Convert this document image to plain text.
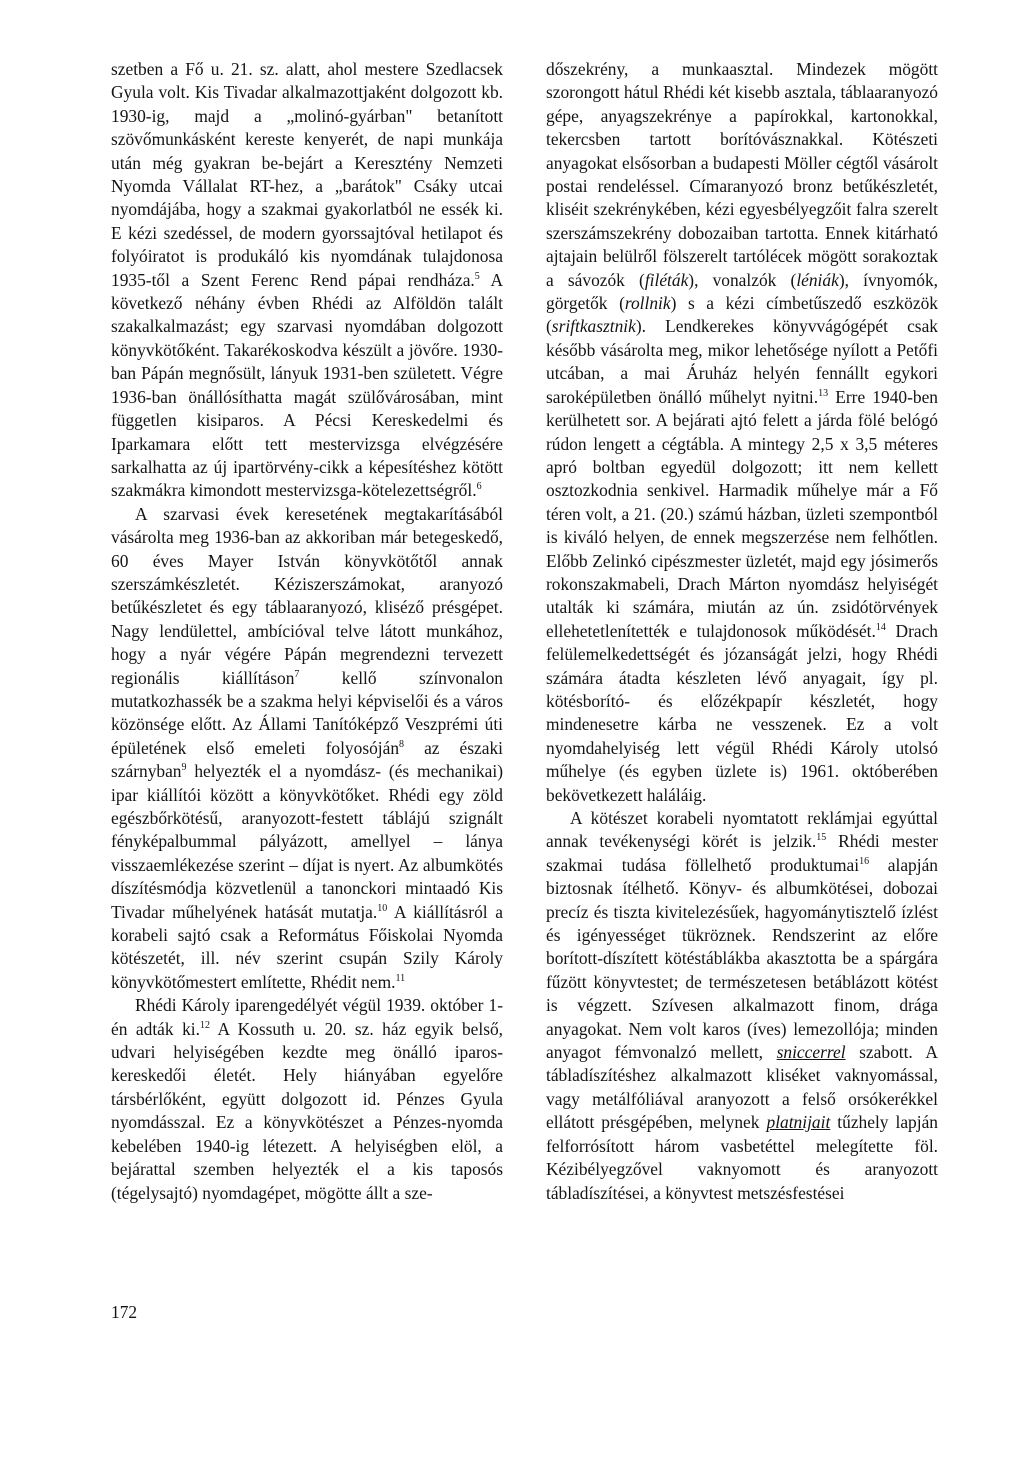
szetben a Fő u. 21. sz. alatt, ahol mestere Szedlacsek Gyula volt. Kis Tivadar alkalmazottjaként dolgozott kb. 1930-ig, majd a „molinó-gyárban" betanított szövőmunkásként kereste kenyerét, de napi munkája után még gyakran be-bejárt a Keresztény Nemzeti Nyomda Vállalat RT-hez, a „barátok" Csáky utcai nyomdájába, hogy a szakmai gyakorlatból ne essék ki. E kézi szedéssel, de modern gyorssajtóval hetilapot és folyóiratot is produkáló kis nyomdának tulajdonosa 1935-től a Szent Ferenc Rend pápai rendháza.$^5$ A következő néhány évben Rhédi az Alföldön talált szakalkalmazást; egy szarvasi nyomdában dolgozott könyvkötőként. Takarékoskodva készült a jövőre. 1930-ban Pápán megnősült, lányuk 1931-ben született. Végre 1936-ban önállósíthatta magát szülővárosában, mint független kisiparos. A Pécsi Kereskedelmi és Iparkamara előtt tett mestervizsga elvégzésére sarkalhatta az új ipartörvény-cikk a képesítéshez kötött szakmákra kimondott mestervizsga-kötelezettségről.$^6$

A szarvasi évek keresetének megtakarításából vásárolta meg 1936-ban az akkoriban már betegeskedő, 60 éves Mayer István könyvkötőtől annak szerszámkészletét. Kéziszerszámokat, aranyozó betűkészletet és egy táblaaranyozó, kliséző présgépet. Nagy lendülettel, ambícióval telve látott munkához, hogy a nyár végére Pápán megrendezni tervezett regionális kiállításon$^7$ kellő színvonalon mutatkozhassék be a szakma helyi képviselői és a város közönsége előtt. Az Állami Tanítóképző Veszprémi úti épületének első emeleti folyosóján$^8$ az északi szárnyban$^9$ helyezték el a nyomdász- (és mechanikai) ipar kiállítói között a könyvkötőket. Rhédi egy zöld egészbőrkötésű, aranyozott-festett táblájú szignált fényképalbummal pályázott, amellyel – lánya visszaemlékezése szerint – díjat is nyert. Az albumkötés díszítésmódja közvetlenül a tanonckori mintaadó Kis Tivadar műhelyének hatását mutatja.$^{10}$ A kiállításról a korabeli sajtó csak a Református Főiskolai Nyomda kötészetét, ill. név szerint csupán Szily Károly könyvkötőmestert említette, Rhédit nem.$^{11}$

Rhédi Károly iparengedélyét végül 1939. október 1-én adták ki.$^{12}$ A Kossuth u. 20. sz. ház egyik belső, udvari helyiségében kezdte meg önálló iparos-kereskedői életét. Hely hiányában egyelőre társbérlőként, együtt dolgozott id. Pénzes Gyula nyomdásszal. Ez a könyvkötészet a Pénzes-nyomda kebelében 1940-ig létezett. A helyiségben elöl, a bejárattal szemben helyezték el a kis taposós (tégelysajtó) nyomdagépet, mögötte állt a sze-

dőszekrény, a munkaasztal. Mindezek mögött szorongott hátul Rhédi két kisebb asztala, táblaaranyozó gépe, anyagszekrénye a papírokkal, kartonokkal, tekercsben tartott borítóvásznakkal. Kötészeti anyagokat elsősorban a budapesti Möller cégtől vásárolt postai rendeléssel. Címaranyozó bronz betűkészletét, kliséit szekrénykében, kézi egyesbélyegzőit falra szerelt szerszámszekrény dobozaiban tartotta. Ennek kitárható ajtajain belülről fölszerelt tartólécek mögött sorakoztak a sávozók (filéták), vonalzók (léniák), ívnyomók, görgetők (rollnik) s a kézi címbetűszedő eszközök (sriftkasztnik). Lendkerekes könyvvágógépét csak később vásárolta meg, mikor lehetősége nyílott a Petőfi utcában, a mai Áruház helyén fennállt egykori saroképületben önálló műhelyt nyitni.$^{13}$ Erre 1940-ben kerülhetett sor. A bejárati ajtó felett a járda fölé belógó rúdon lengett a cégtábla. A mintegy 2,5 x 3,5 méteres apró boltban egyedül dolgozott; itt nem kellett osztozkodnia senkivel. Harmadik műhelye már a Fő téren volt, a 21. (20.) számú házban, üzleti szempontból is kiváló helyen, de ennek megszerzése nem felhőtlen. Előbb Zelinkó cipészmester üzletét, majd egy jósimerős rokonszakmabeli, Drach Márton nyomdász helyiségét utalták ki számára, miután az ún. zsidótörvények ellehetetlenítették e tulajdonosok működését.$^{14}$ Drach felülemelkedettségét és józanságát jelzi, hogy Rhédi számára átadta készleten lévő anyagait, így pl. kötésborító- és előzékpapír készletét, hogy mindenesetre kárba ne vesszenek. Ez a volt nyomdahelyiség lett végül Rhédi Károly utolsó műhelye (és egyben üzlete is) 1961. októberében bekövetkezett haláláig.

A kötészet korabeli nyomtatott reklámjai egyúttal annak tevékenységi körét is jelzik.$^{15}$ Rhédi mester szakmai tudása föllelhető produktumai$^{16}$ alapján biztosnak ítélhető. Könyv- és albumkötései, dobozai precíz és tiszta kivitelezésűek, hagyománytisztelő ízlést és igényességet tükröznek. Rendszerint az előre borított-díszített kötéstáblákba akasztotta be a spárgára fűzött könyvtestet; de természetesen betáblázott kötést is végzett. Szívesen alkalmazott finom, drága anyagokat. Nem volt karos (íves) lemezollója; minden anyagot fémvonalzó mellett, sniccerrel szabott. A tábladíszítéshez alkalmazott kliséket vaknyomással, vagy metálfóliával aranyozott a felső orsókerékkel ellátott présgépében, melynek platnijait tűzhely lapján felforrósított három vasbetéttel melegítette föl. Kézibélyegzővel vaknyomott és aranyozott tábladíszítései, a könyvtest metszésfestései

172
